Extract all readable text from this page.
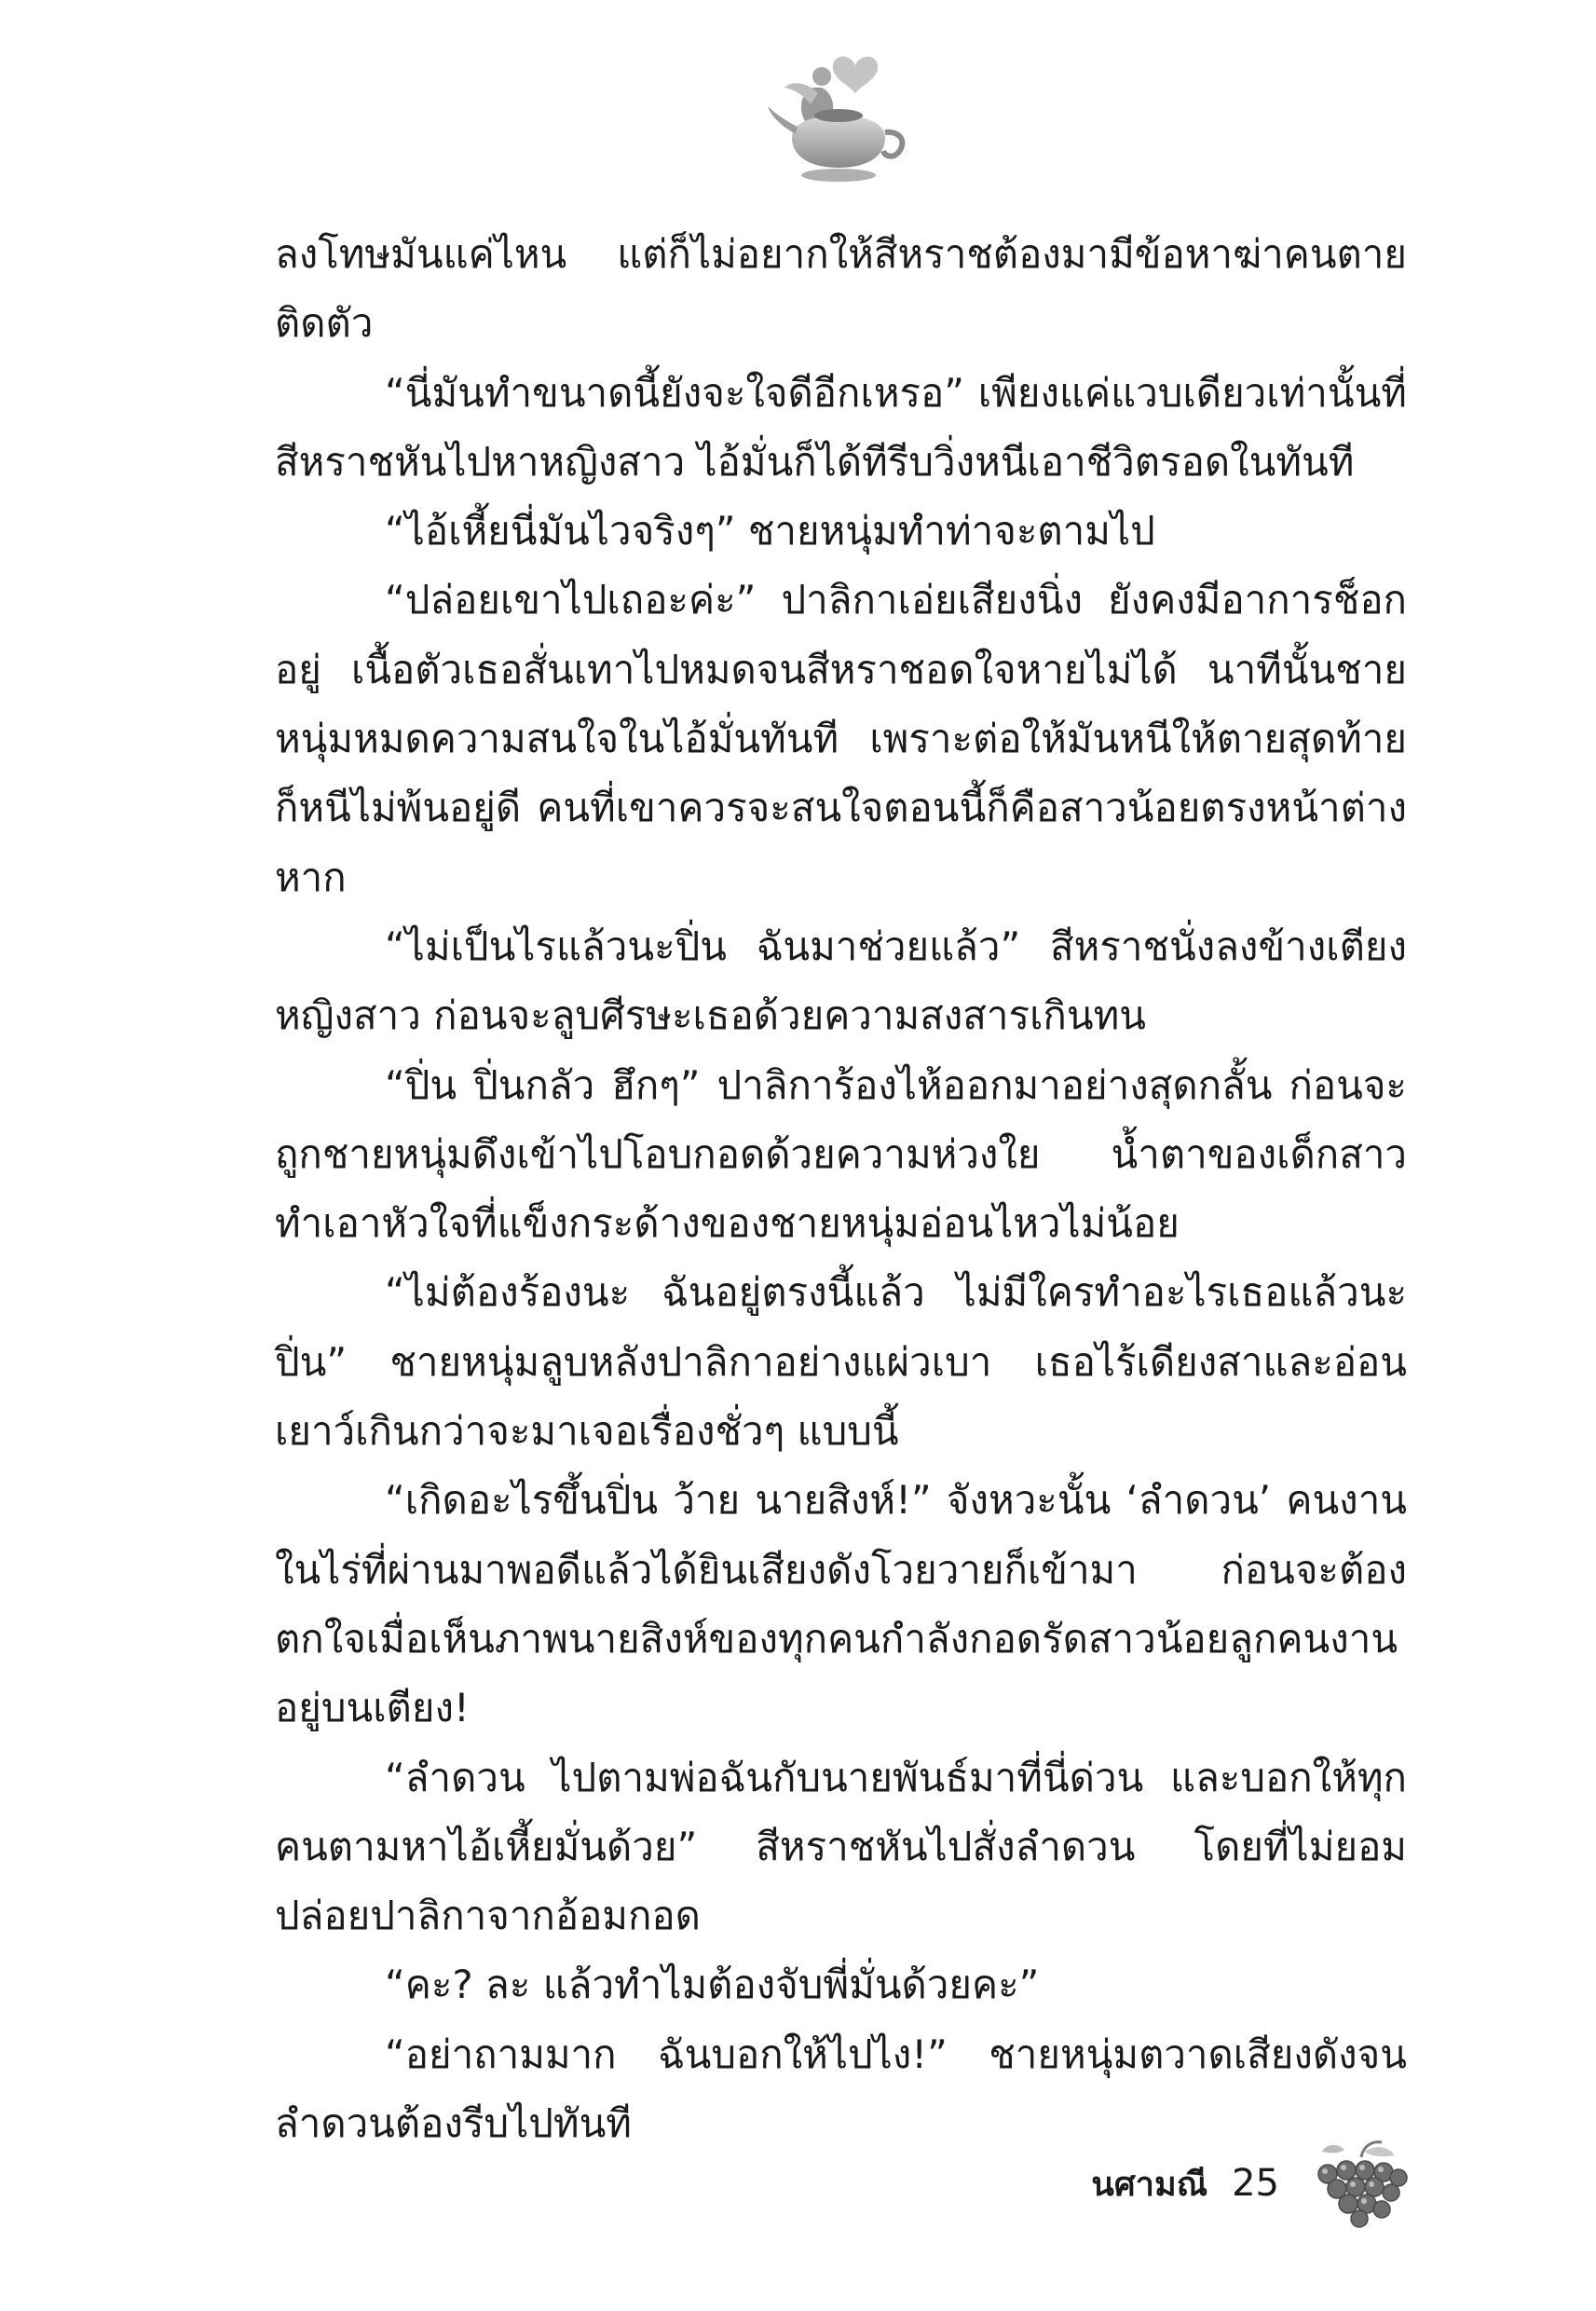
ลงโทษมันแค่ไหน แต่ก็ไม่อยากให้สีหราชต้องมามีข้อหาฆ่าคนตายติดตัว

“นี่มันทำขนาดนี้ยังจะใจดีอีกเหรอ” เพียงแค่แวบเดียวเท่านั้นที่สีหราชหันไปหาหญิงสาว ไอ้มั่นก็ได้ทีรีบวิ่งหนีเอาชีวิตรอดในทันที

“ไอ้เหี้ยนี่มันไวจริงๆ” ชายหนุ่มทำท่าจะตามไป

“ปล่อยเขาไปเถอะค่ะ” ปาลิกาเอ่ยเสียงนิ่ง ยังคงมีอาการช็อกอยู่ เนื้อตัวเธอสั่นเทาไปหมดจนสีหราชอดใจหายไม่ได้ นาทีนั้นชายหนุ่มหมดความสนใจในไอ้มั่นทันที เพราะต่อให้มันหนีให้ตายสุดท้ายก็หนีไม่พ้นอยู่ดี คนที่เขาควรจะสนใจตอนนี้ก็คือสาวน้อยตรงหน้าต่างหาก

“ไม่เป็นไรแล้วนะปิ่น ฉันมาช่วยแล้ว” สีหราชนั่งลงข้างเตียงหญิงสาว ก่อนจะลูบศีรษะเธอด้วยความสงสารเกินทน

“ปิ่น ปิ่นกลัว ฮึกๆ” ปาลิการ้องไห้ออกมาอย่างสุดกลั้น ก่อนจะถูกชายหนุ่มดึงเข้าไปโอบกอดด้วยความห่วงใย น้ำตาของเด็กสาวทำเอาหัวใจที่แข็งกระด้างของชายหนุ่มอ่อนไหวไม่น้อย

“ไม่ต้องร้องนะ ฉันอยู่ตรงนี้แล้ว ไม่มีใครทำอะไรเธอแล้วนะปิ่น” ชายหนุ่มลูบหลังปาลิกาอย่างแผ่วเบา เธอไร้เดียงสาและอ่อนเยาว์เกินกว่าจะมาเจอเรื่องชั่วๆ แบบนี้

“เกิดอะไรขึ้นปิ่น ว้าย นายสิงห์!” จังหวะนั้น ‘ลำดวน’ คนงานในไร่ที่ผ่านมาพอดีแล้วได้ยินเสียงดังโวยวายก็เข้ามา ก่อนจะต้องตกใจเมื่อเห็นภาพนายสิงห์ของทุกคนกำลังกอดรัดสาวน้อยลูกคนงานอยู่บนเตียง!

“ลำดวน ไปตามพ่อฉันกับนายพันธ์มาที่นี่ด่วน และบอกให้ทุกคนตามหาไอ้เหี้ยมั่นด้วย” สีหราชหันไปสั่งลำดวน โดยที่ไม่ยอมปล่อยปาลิกาจากอ้อมกอด

“คะ? ละ แล้วทำไมต้องจับพี่มั่นด้วยคะ”

“อย่าถามมาก ฉันบอกให้ไปไง!” ชายหนุ่มตวาดเสียงดังจนลำดวนต้องรีบไปทันที

นศามณี 25
